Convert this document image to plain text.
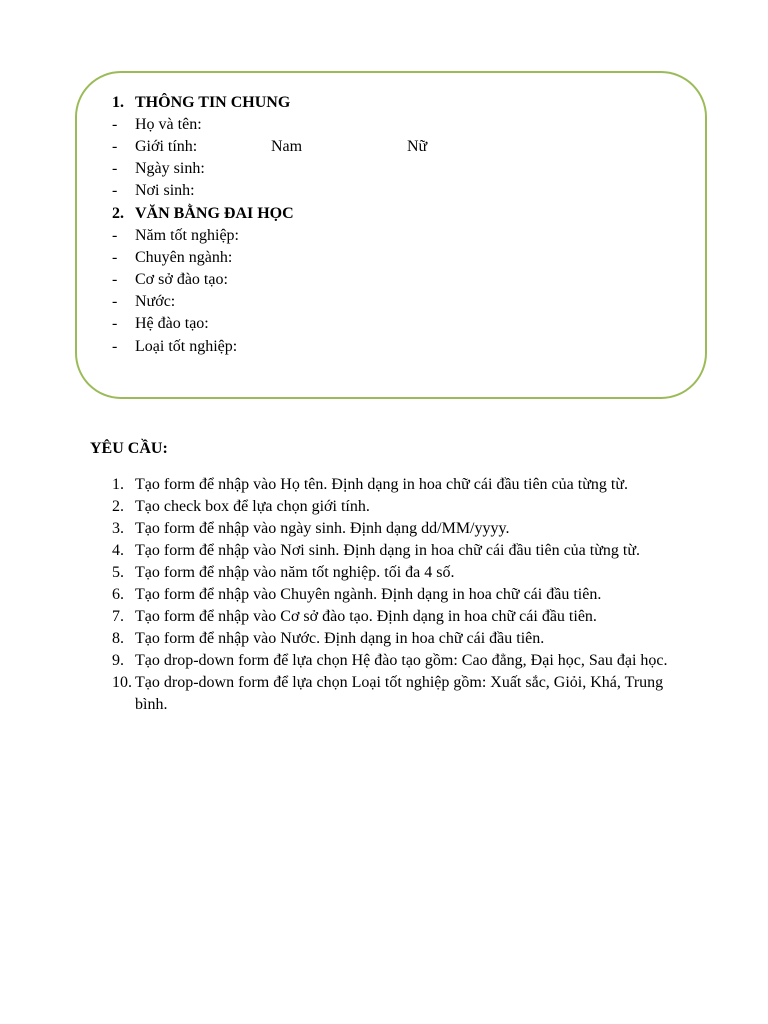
1. THÔNG TIN CHUNG
- Họ và tên:
- Giới tính:	Nam	Nữ
- Ngày sinh:
- Nơi sinh:
2. VĂN BẰNG ĐAI HỌC
- Năm tốt nghiệp:
- Chuyên ngành:
- Cơ sở đào tạo:
- Nước:
- Hệ đào tạo:
- Loại tốt nghiệp:
YÊU CẦU:
1. Tạo form để nhập vào Họ tên. Định dạng in hoa chữ cái đầu tiên của từng từ.
2. Tạo check box để lựa chọn giới tính.
3. Tạo form để nhập vào ngày sinh. Định dạng dd/MM/yyyy.
4. Tạo form để nhập vào Nơi sinh. Định dạng in hoa chữ cái đầu tiên của từng từ.
5. Tạo form để nhập vào năm tốt nghiệp. tối đa 4 số.
6. Tạo form để nhập vào Chuyên ngành. Định dạng in hoa chữ cái đầu tiên.
7. Tạo form để nhập vào Cơ sở đào tạo. Định dạng in hoa chữ cái đầu tiên.
8. Tạo form để nhập vào Nước. Định dạng in hoa chữ cái đầu tiên.
9. Tạo drop-down form để lựa chọn Hệ đào tạo gồm: Cao đẳng, Đại học, Sau đại học.
10. Tạo drop-down form để lựa chọn Loại tốt nghiệp gồm: Xuất sắc, Giỏi, Khá, Trung bình.
